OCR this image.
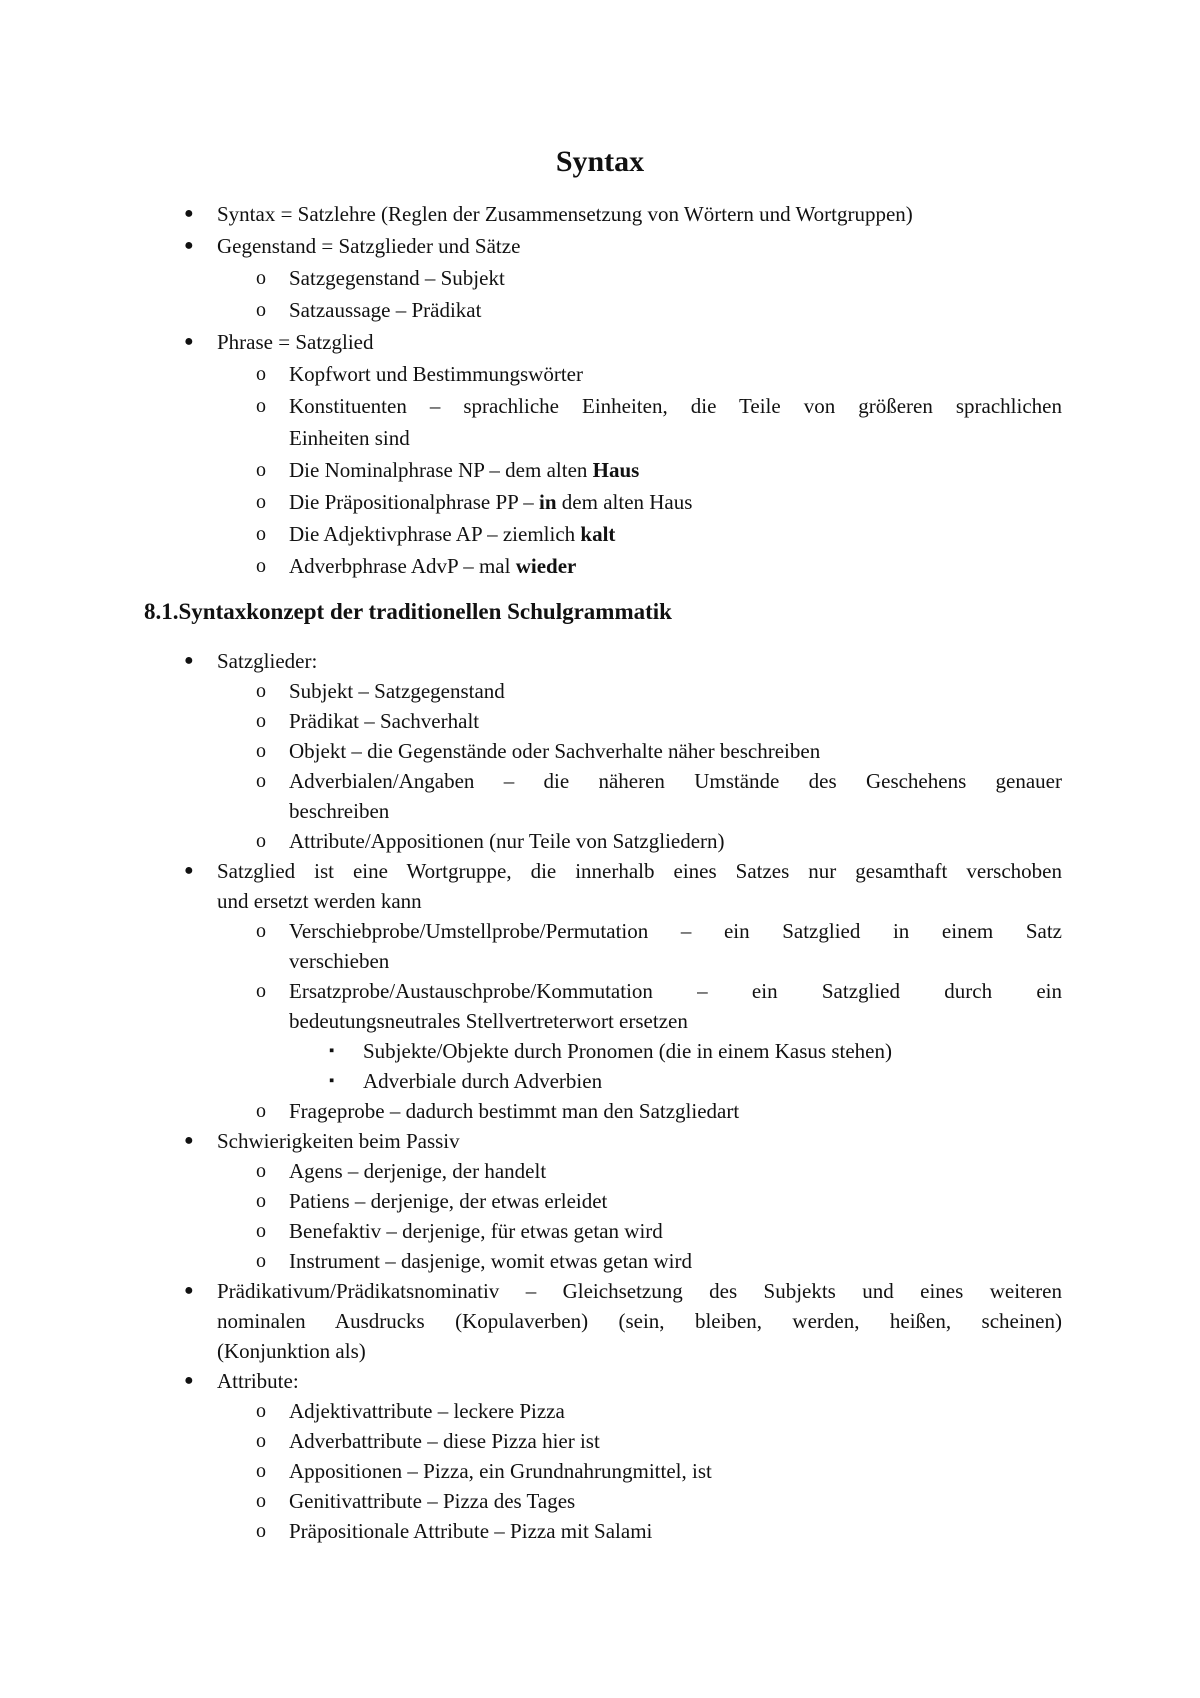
Syntax
● Syntax = Satzlehre (Reglen der Zusammensetzung von Wörtern und Wortgruppen)
● Gegenstand = Satzglieder und Sätze
o Satzgegenstand – Subjekt
o Satzaussage – Prädikat
● Phrase = Satzglied
o Kopfwort und Bestimmungswörter
o Konstituenten – sprachliche Einheiten, die Teile von größeren sprachlichen
Einheiten sind
o Die Nominalphrase NP – dem alten Haus
o Die Präpositionalphrase PP – in dem alten Haus
o Die Adjektivphrase AP – ziemlich kalt
o Adverbphrase AdvP – mal wieder
8.1.Syntaxkonzept der traditionellen Schulgrammatik
● Satzglieder:
o Subjekt – Satzgegenstand
o Prädikat – Sachverhalt
o Objekt – die Gegenstände oder Sachverhalte näher beschreiben
o Adverbialen/Angaben – die näheren Umstände des Geschehens genauer
beschreiben
o Attribute/Appositionen (nur Teile von Satzgliedern)
● Satzglied ist eine Wortgruppe, die innerhalb eines Satzes nur gesamthaft verschoben
und ersetzt werden kann
o Verschiebprobe/Umstellprobe/Permutation – ein Satzglied in einem Satz
verschieben
o Ersatzprobe/Austauschprobe/Kommutation – ein Satzglied durch ein
bedeutungsneutrales Stellvertreterwort ersetzen
▪ Subjekte/Objekte durch Pronomen (die in einem Kasus stehen)
▪ Adverbiale durch Adverbien
o Frageprobe – dadurch bestimmt man den Satzgliedart
● Schwierigkeiten beim Passiv
o Agens – derjenige, der handelt
o Patiens – derjenige, der etwas erleidet
o Benefaktiv – derjenige, für etwas getan wird
o Instrument – dasjenige, womit etwas getan wird
● Prädikativum/Prädikatsnominativ – Gleichsetzung des Subjekts und eines weiteren
nominalen Ausdrucks (Kopulaverben) (sein, bleiben, werden, heißen, scheinen)
(Konjunktion als)
● Attribute:
o Adjektivattribute – leckere Pizza
o Adverbattribute – diese Pizza hier ist
o Appositionen – Pizza, ein Grundnahrungmittel, ist
o Genitivattribute – Pizza des Tages
o Präpositionale Attribute – Pizza mit Salami
